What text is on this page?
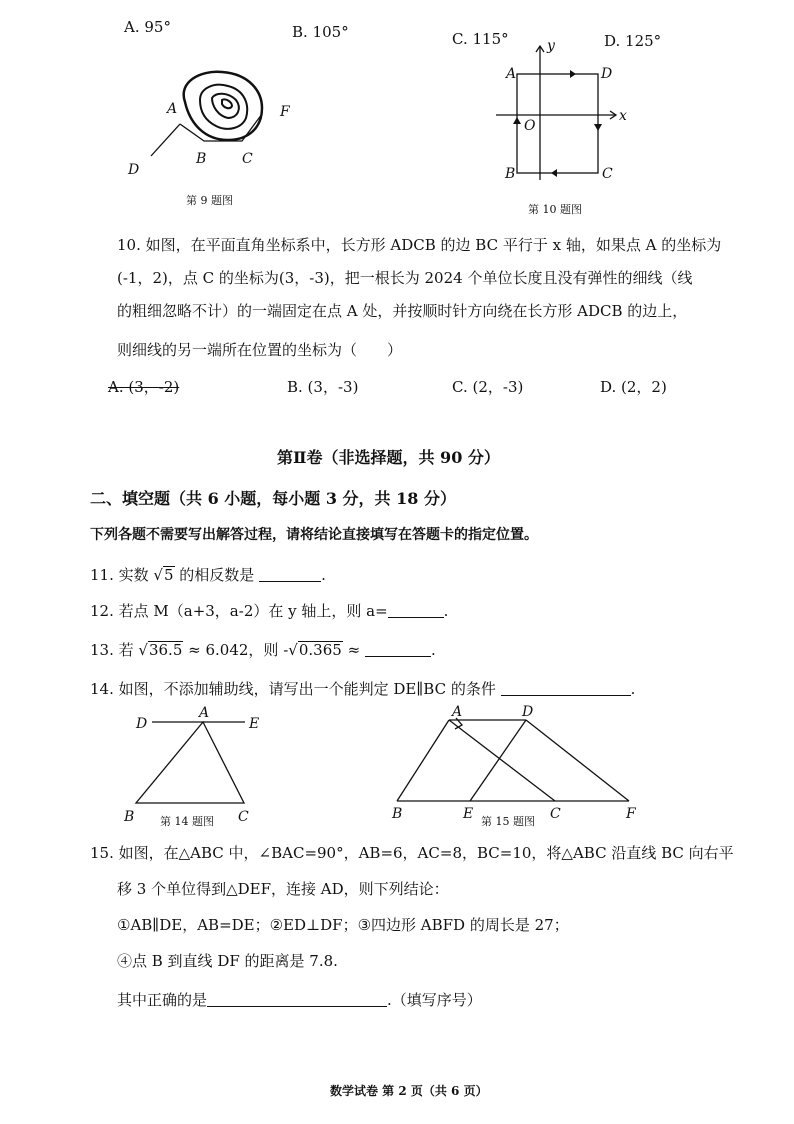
A. 95°	B. 105°	C. 115°	D. 125°
A
B	C
D
F
第 9 题图
y
x
A	D
O
B	C
第 10 题图
10. 如图，在平面直角坐标系中，长方形 ADCB 的边 BC 平行于 x 轴，如果点 A 的坐标为
(-1，2)，点 C 的坐标为(3，-3)，把一根长为 2024 个单位长度且没有弹性的细线（线
的粗细忽略不计）的一端固定在点 A 处，并按顺时针方向绕在长方形 ADCB 的边上，
则细线的另一端所在位置的坐标为（　　）
A. (3，-2)	B. (3，-3)	C. (2，-3)	D. (2，2)
第Ⅱ卷（非选择题，共 90 分）
二、填空题（共 6 小题，每小题 3 分，共 18 分）
下列各题不需要写出解答过程，请将结论直接填写在答题卡的指定位置。
11. 实数 √5 的相反数是	.
12. 若点 M（a+3，a-2）在 y 轴上，则 a=	.
13. 若 √36.5 ≈ 6.042，则 -√0.365 ≈	.
14. 如图，不添加辅助线，请写出一个能判定 DE∥BC 的条件	.
D
A
E
B	C
第 14 题图
A	D
B	E	C	F
第 15 题图
15. 如图，在△ABC 中，∠BAC=90°，AB=6，AC=8，BC=10，将△ABC 沿直线 BC 向右平
移 3 个单位得到△DEF，连接 AD，则下列结论：
①AB∥DE，AB=DE；②ED⊥DF；③四边形 ABFD 的周长是 27；
④点 B 到直线 DF 的距离是 7.8.
其中正确的是	.（填写序号）
数学试卷 第 2 页（共 6 页）
